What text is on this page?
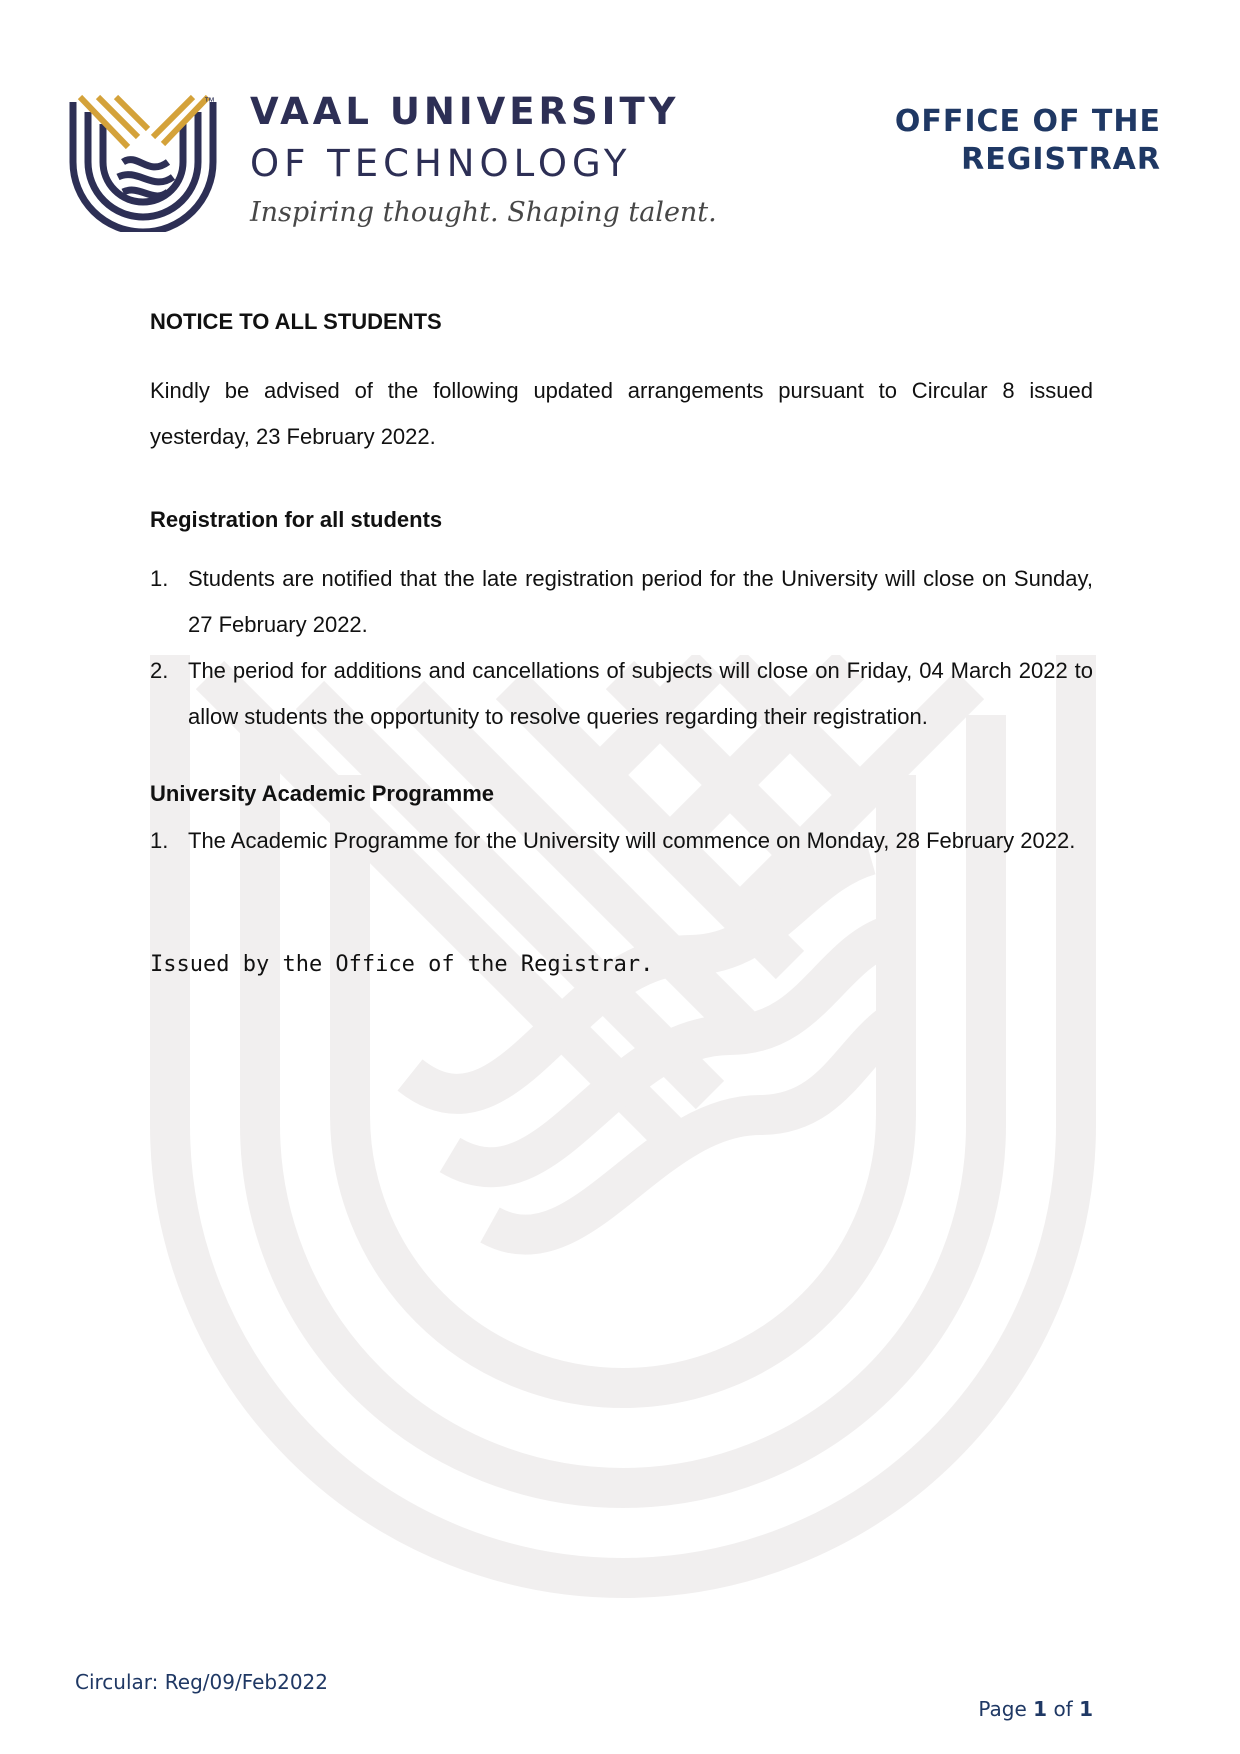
™ VAAL UNIVERSITY
OF TECHNOLOGY
Inspiring thought. Shaping talent.
OFFICE OF THE
REGISTRAR
NOTICE TO ALL STUDENTS
Kindly be advised of the following updated arrangements pursuant to Circular 8 issued yesterday, 23 February 2022.
Registration for all students
1. Students are notified that the late registration period for the University will close on Sunday, 27 February 2022.
2. The period for additions and cancellations of subjects will close on Friday, 04 March 2022 to allow students the opportunity to resolve queries regarding their registration.
University Academic Programme
1. The Academic Programme for the University will commence on Monday, 28 February 2022.
Issued by the Office of the Registrar.
Circular: Reg/09/Feb2022
Page 1 of 1
